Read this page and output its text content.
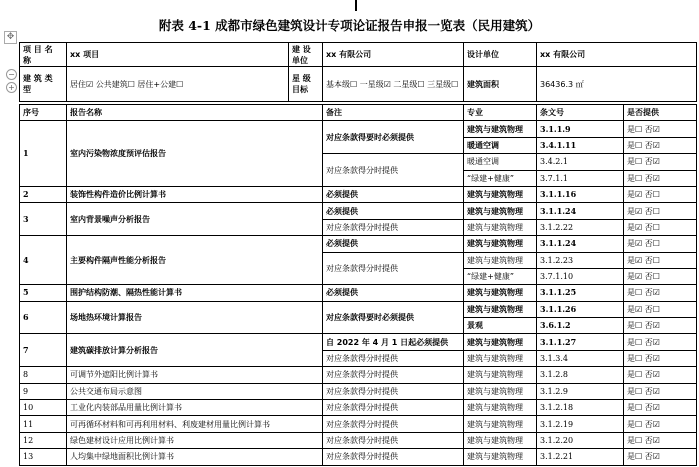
附表 4-1 成都市绿色建筑设计专项论证报告申报一览表（民用建筑）
✥
−
+
项 目 名 称	xx 项目	建 设 单位	xx 有限公司	设计单位	xx 有限公司
建 筑 类 型	居住☑ 公共建筑☐ 居住+公建☐	星 级 目标	基本级☐ 一星级☑ 二星级☐ 三星级☐	建筑面积	36436.3 ㎡
序号	报告名称	备注	专业	条文号	是否提供
1	室内污染物浓度预评估报告	对应条款得要时必须提供	建筑与建筑物理	3.1.1.9	是☐ 否☑
			暖通空调	3.4.1.11	是☐ 否☑
		对应条款得分时提供	暖通空调	3.4.2.1	是☐ 否☑
			“绿建+健康”	3.7.1.1	是☐ 否☑
2	装饰性构件造价比例计算书	必须提供	建筑与建筑物理	3.1.1.16	是☑ 否☐
3	室内背景噪声分析报告	必须提供	建筑与建筑物理	3.1.1.24	是☑ 否☐
		对应条款得分时提供	建筑与建筑物理	3.1.2.22	是☑ 否☐
4	主要构件隔声性能分析报告	必须提供	建筑与建筑物理	3.1.1.24	是☑ 否☐
		对应条款得分时提供	建筑与建筑物理	3.1.2.23	是☑ 否☐
			“绿建+健康”	3.7.1.10	是☑ 否☐
5	围护结构防潮、隔热性能计算书	必须提供	建筑与建筑物理	3.1.1.25	是☐ 否☑
6	场地热环境计算报告	对应条款得要时必须提供	建筑与建筑物理	3.1.1.26	是☑ 否☐
			景观	3.6.1.2	是☐ 否☑
7	建筑碳排放计算分析报告	自 2022 年 4 月 1 日起必须提供	建筑与建筑物理	3.1.1.27	是☐ 否☑
		对应条款得分时提供	建筑与建筑物理	3.1.3.4	是☐ 否☑
8	可调节外遮阳比例计算书	对应条款得分时提供	建筑与建筑物理	3.1.2.8	是☐ 否☑
9	公共交通布局示意图	对应条款得分时提供	建筑与建筑物理	3.1.2.9	是☐ 否☑
10	工业化内装部品用量比例计算书	对应条款得分时提供	建筑与建筑物理	3.1.2.18	是☐ 否☑
11	可再循环材料和可再利用材料、利废建材用量比例计算书	对应条款得分时提供	建筑与建筑物理	3.1.2.19	是☐ 否☑
12	绿色建材设计应用比例计算书	对应条款得分时提供	建筑与建筑物理	3.1.2.20	是☐ 否☑
13	人均集中绿地面积比例计算书	对应条款得分时提供	建筑与建筑物理	3.1.2.21	是☐ 否☑
